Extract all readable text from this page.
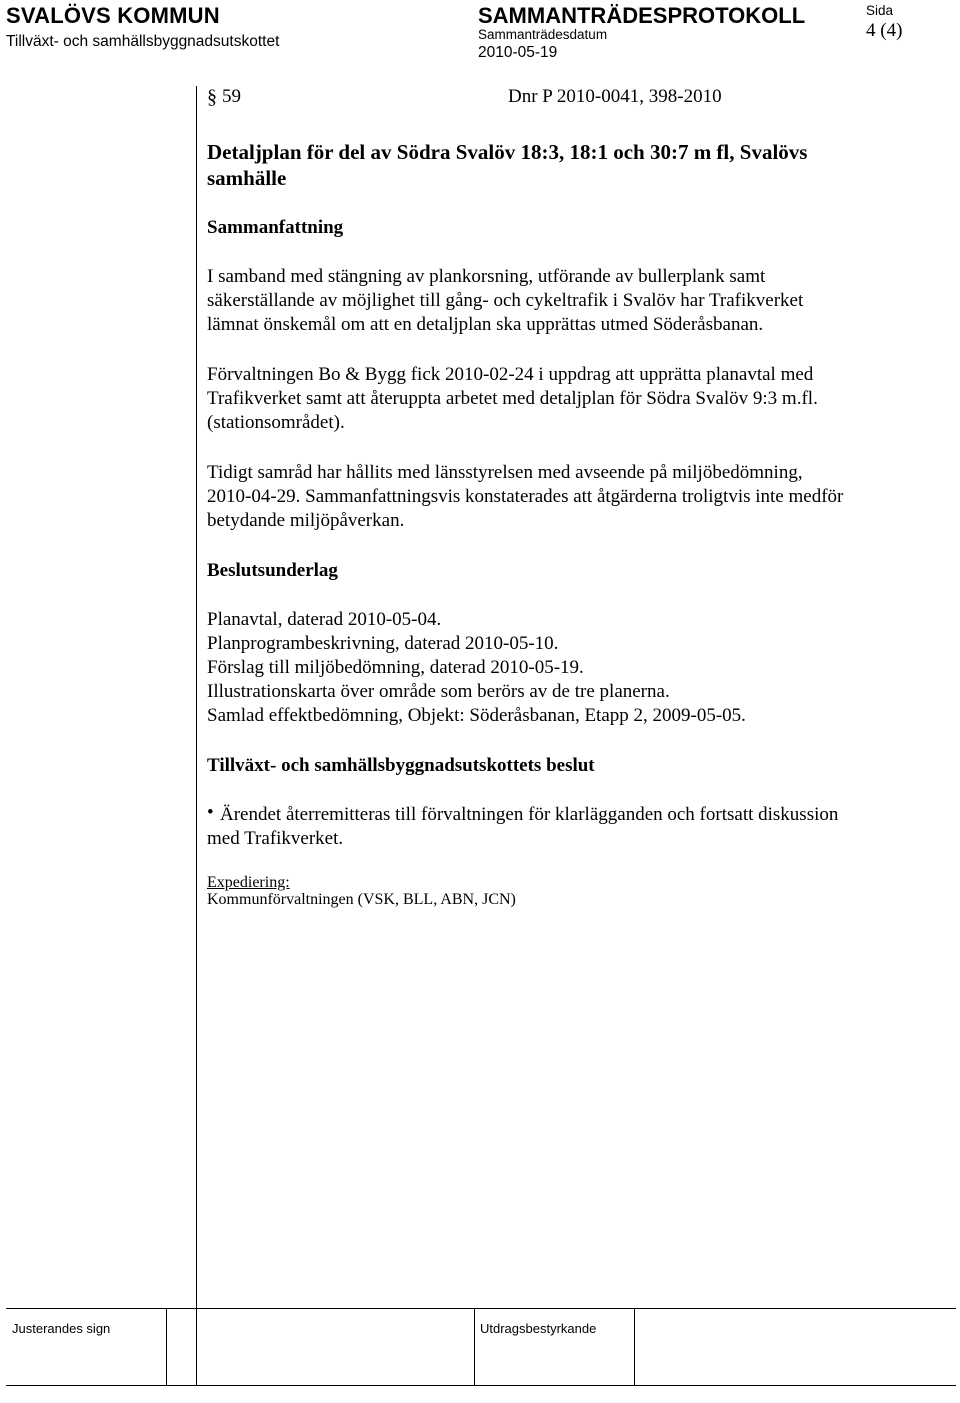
SVALÖVS KOMMUN
Tillväxt- och samhällsbyggnadsutskottet
SAMMANTRÄDESPROTOKOLL
Sammanträdesdatum
2010-05-19
Sida
4 (4)
§ 59	Dnr P 2010-0041, 398-2010
Detaljplan för del av Södra Svalöv 18:3, 18:1 och 30:7 m fl, Svalövs
samhälle
Sammanfattning
I samband med stängning av plankorsning, utförande av bullerplank samt
säkerställande av möjlighet till gång- och cykeltrafik i Svalöv har Trafikverket
lämnat önskemål om att en detaljplan ska upprättas utmed Söderåsbanan.
Förvaltningen Bo & Bygg fick 2010-02-24 i uppdrag att upprätta planavtal med
Trafikverket samt att återuppta arbetet med detaljplan för Södra Svalöv 9:3 m.fl.
(stationsområdet).
Tidigt samråd har hållits med länsstyrelsen med avseende på miljöbedömning,
2010-04-29. Sammanfattningsvis konstaterades att åtgärderna troligtvis inte medför
betydande miljöpåverkan.
Beslutsunderlag
Planavtal, daterad 2010-05-04.
Planprogrambeskrivning, daterad 2010-05-10.
Förslag till miljöbedömning, daterad 2010-05-19.
Illustrationskarta över område som berörs av de tre planerna.
Samlad effektbedömning, Objekt: Söderåsbanan, Etapp 2, 2009-05-05.
Tillväxt- och samhällsbyggnadsutskottets beslut
• Ärendet återremitteras till förvaltningen för klarlägganden och fortsatt diskussion
med Trafikverket.
Expediering:
Kommunförvaltningen (VSK, BLL, ABN, JCN)
Justerandes sign	Utdragsbestyrkande
